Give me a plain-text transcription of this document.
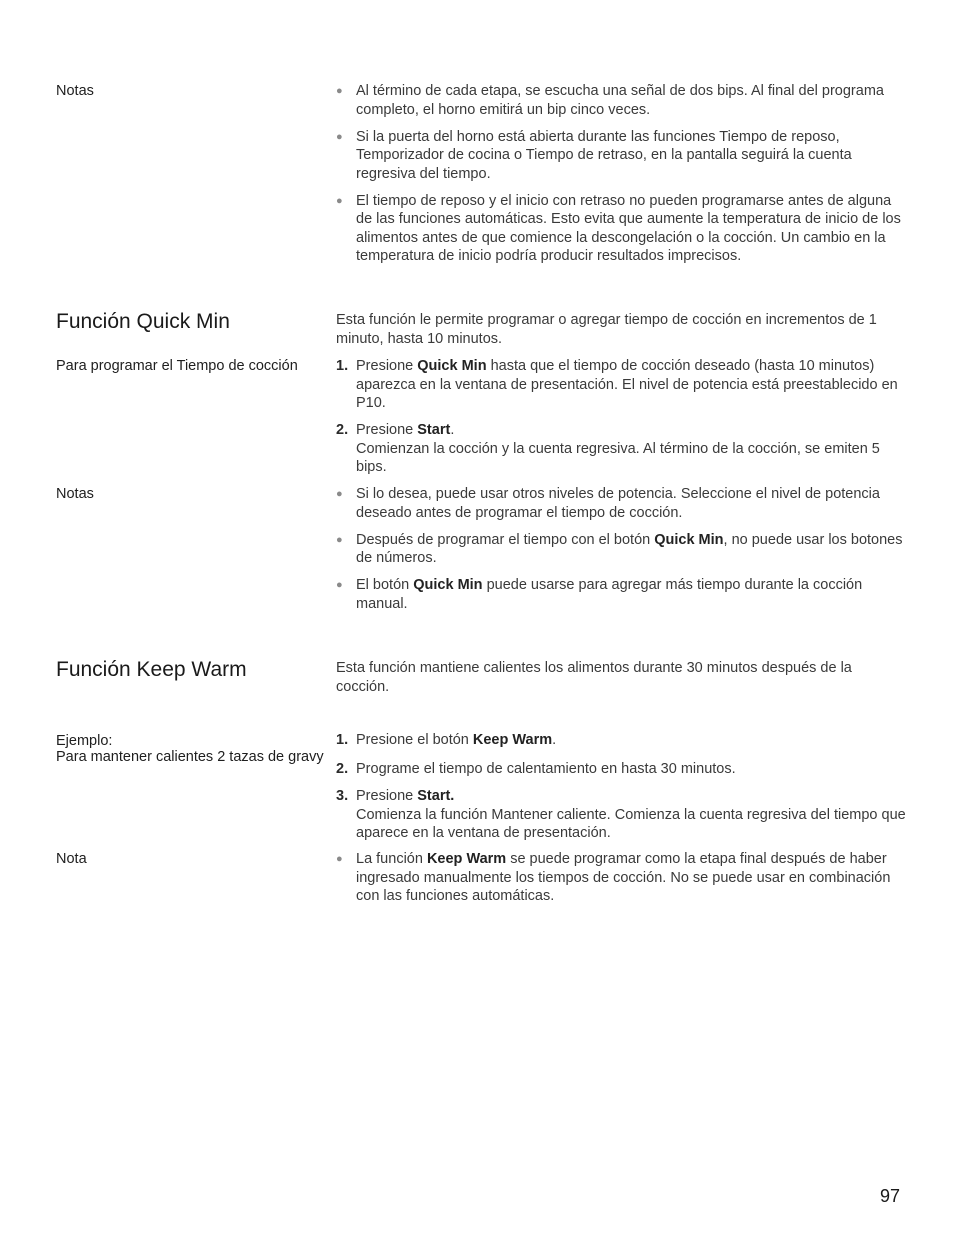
Notas	● Al término de cada etapa, se escucha una señal de dos bips. Al final del programa completo, el horno emitirá un bip cinco veces.
● Si la puerta del horno está abierta durante las funciones Tiempo de reposo, Temporizador de cocina o Tiempo de retraso, en la pantalla seguirá la cuenta regresiva del tiempo.
● El tiempo de reposo y el inicio con retraso no pueden programarse antes de alguna de las funciones automáticas. Esto evita que aumente la temperatura de inicio de los alimentos antes de que comience la descongelación o la cocción. Un cambio en la temperatura de inicio podría producir resultados imprecisos.
Función Quick Min	Esta función le permite programar o agregar tiempo de cocción en incrementos de 1 minuto, hasta 10 minutos.
Para programar el Tiempo de cocción	1. Presione Quick Min hasta que el tiempo de cocción deseado (hasta 10 minutos) aparezca en la ventana de presentación. El nivel de potencia está preestablecido en P10.
2. Presione Start.
Comienzan la cocción y la cuenta regresiva. Al término de la cocción, se emiten 5 bips.
Notas	● Si lo desea, puede usar otros niveles de potencia. Seleccione el nivel de potencia deseado antes de programar el tiempo de cocción.
● Después de programar el tiempo con el botón Quick Min, no puede usar los botones de números.
● El botón Quick Min puede usarse para agregar más tiempo durante la cocción manual.
Función Keep Warm	Esta función mantiene calientes los alimentos durante 30 minutos después de la cocción.
Ejemplo:
Para mantener calientes 2 tazas de gravy
1. Presione el botón Keep Warm.
2. Programe el tiempo de calentamiento en hasta 30 minutos.
3. Presione Start.
Comienza la función Mantener caliente. Comienza la cuenta regresiva del tiempo que aparece en la ventana de presentación.
Nota	● La función Keep Warm se puede programar como la etapa final después de haber ingresado manualmente los tiempos de cocción. No se puede usar en combinación con las funciones automáticas.
97
